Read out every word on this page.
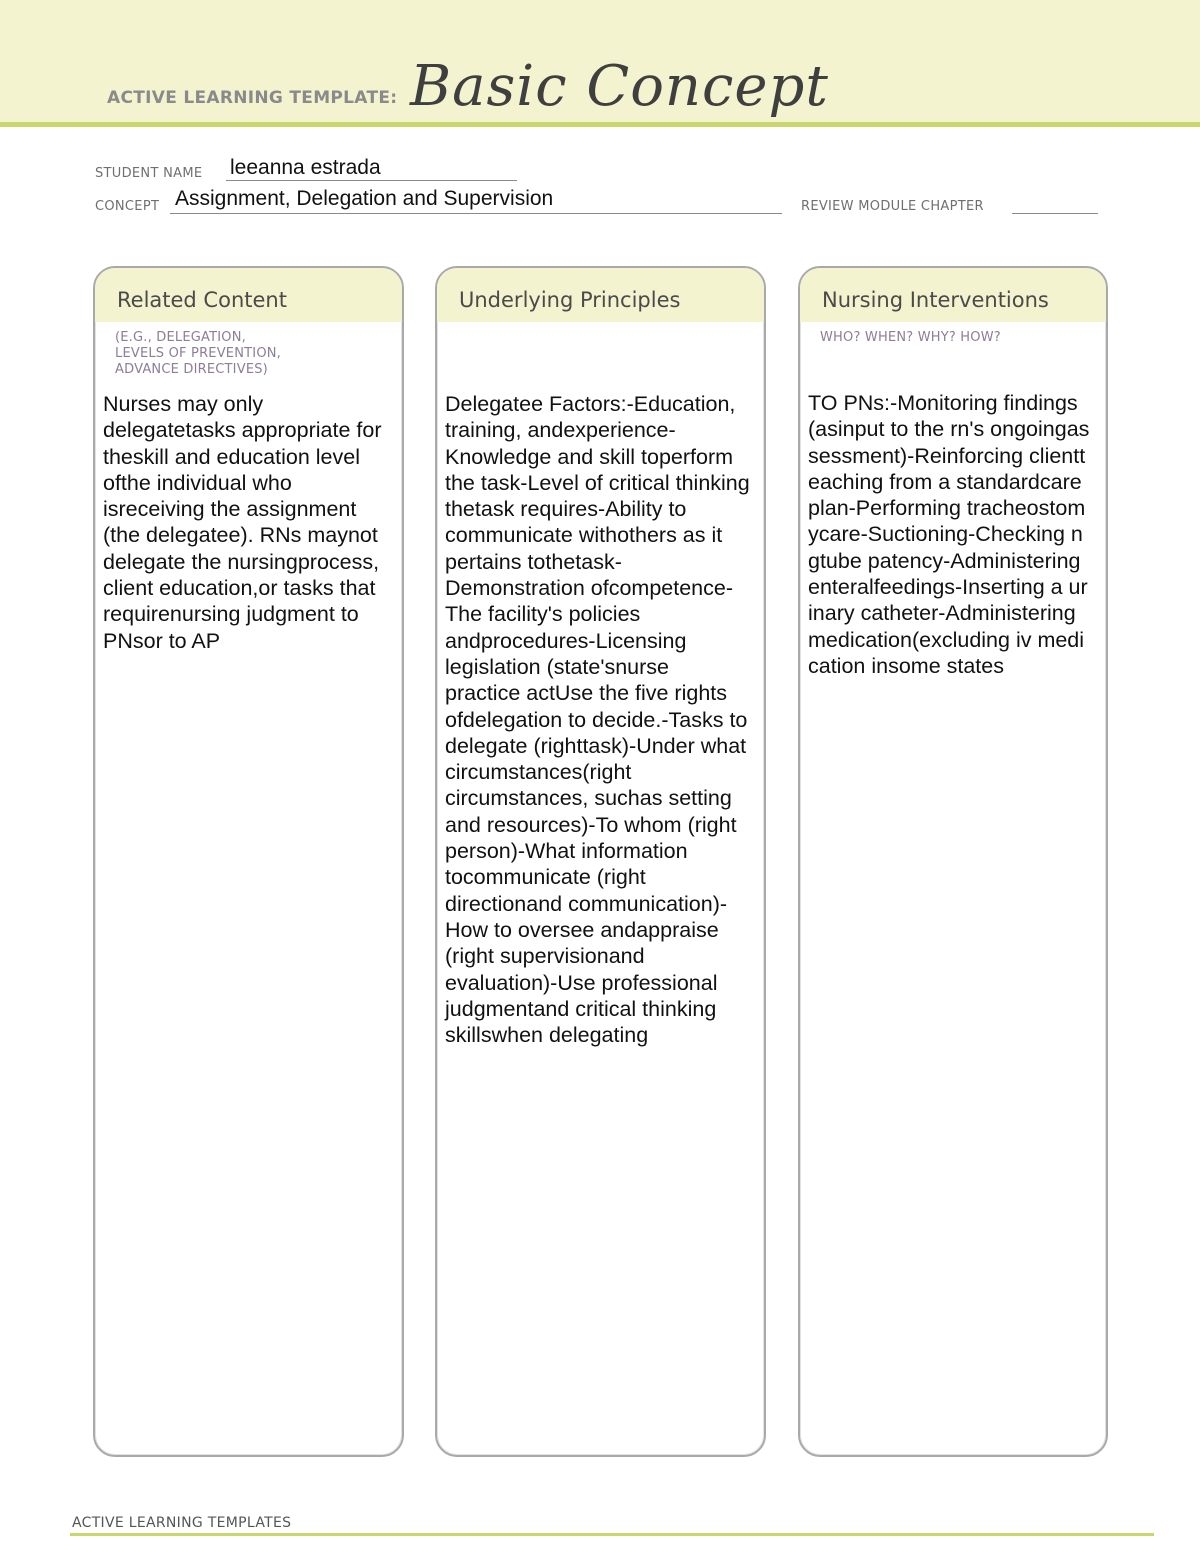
ACTIVE LEARNING TEMPLATE: Basic Concept
STUDENT NAME leeanna estrada
CONCEPT Assignment, Delegation and Supervision	REVIEW MODULE CHAPTER
Related Content
(E.G., DELEGATION,
LEVELS OF PREVENTION,
ADVANCE DIRECTIVES)
Nurses may only delegatetasks appropriate for theskill and education level ofthe individual who isreceiving the assignment (the delegatee). RNs maynot delegate the nursingprocess, client education,or tasks that requirenursing judgment to PNsor to AP
Underlying Principles
Delegatee Factors:-Education, training, andexperience-Knowledge and skill toperform the task-Level of critical thinking thetask requires-Ability to communicate withothers as it pertains tothetask-Demonstration ofcompetence-The facility's policies andprocedures-Licensing legislation (state'snurse practice actUse the five rights ofdelegation to decide.-Tasks to delegate (righttask)-Under what circumstances(right circumstances, suchas setting and resources)-To whom (right person)-What information tocommunicate (right directionand communication)-How to oversee andappraise (right supervisionand evaluation)-Use professional judgmentand critical thinking skillswhen delegating
Nursing Interventions
WHO? WHEN? WHY? HOW?
TO PNs:-Monitoring findings (asinput to the rn's ongoingassessment)-Reinforcing clientteaching from a standardcare plan-Performing tracheostomycare-Suctioning-Checking ngtube patency-Administering enteralfeedings-Inserting a urinary catheter-Administering medication(excluding iv medication insome states
ACTIVE LEARNING TEMPLATES
